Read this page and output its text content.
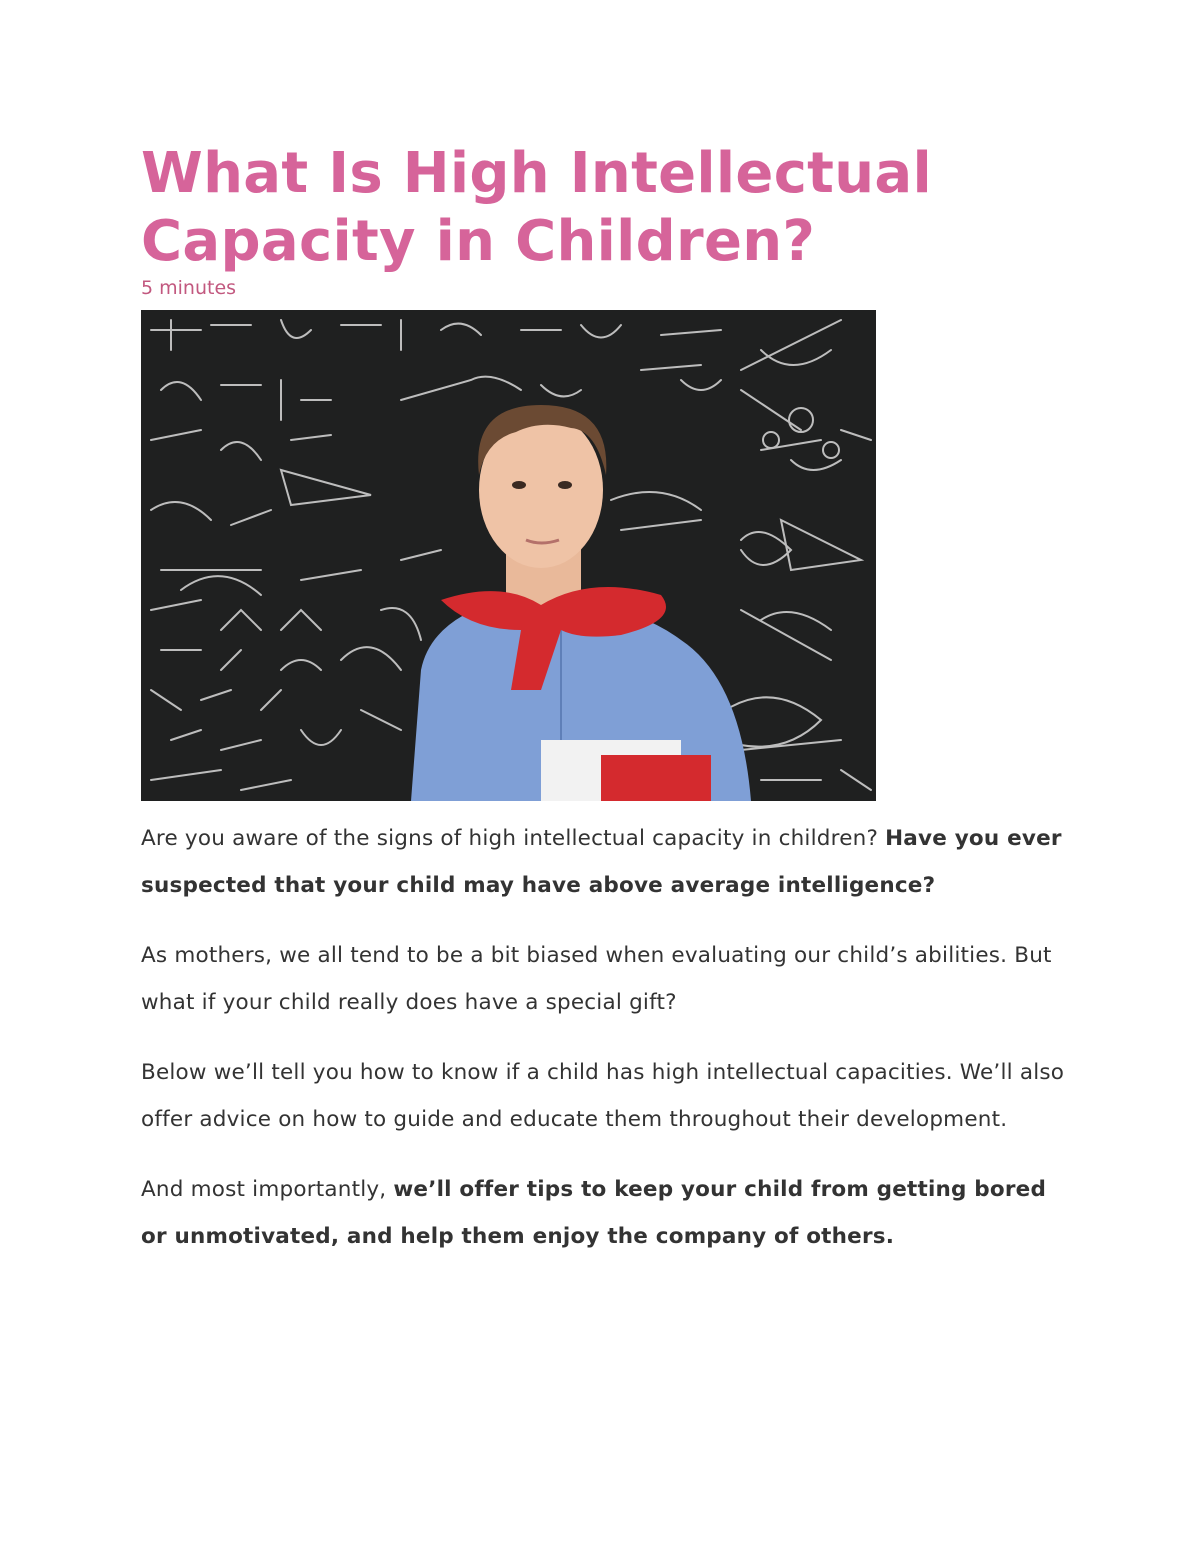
What Is High Intellectual Capacity in Children?
5 minutes

Are you aware of the signs of high intellectual capacity in children? Have you ever suspected that your child may have above average intelligence?

As mothers, we all tend to be a bit biased when evaluating our child’s abilities. But what if your child really does have a special gift?

Below we’ll tell you how to know if a child has high intellectual capacities. We’ll also offer advice on how to guide and educate them throughout their development.

And most importantly, we’ll offer tips to keep your child from getting bored or unmotivated, and help them enjoy the company of others.
